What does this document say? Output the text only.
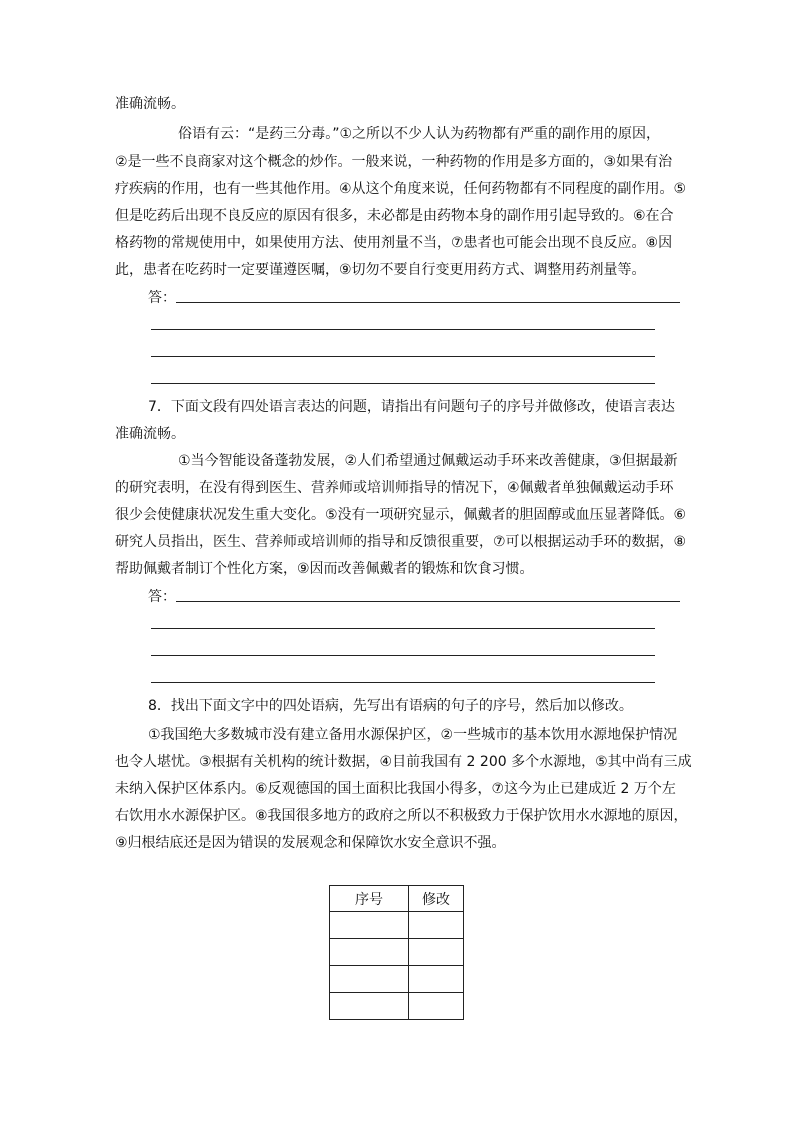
准确流畅。
俗语有云：“是药三分毒。”①之所以不少人认为药物都有严重的副作用的原因，
②是一些不良商家对这个概念的炒作。一般来说，一种药物的作用是多方面的，③如果有治
疗疾病的作用，也有一些其他作用。④从这个角度来说，任何药物都有不同程度的副作用。⑤
但是吃药后出现不良反应的原因有很多，未必都是由药物本身的副作用引起导致的。⑥在合
格药物的常规使用中，如果使用方法、使用剂量不当，⑦患者也可能会出现不良反应。⑧因
此，患者在吃药时一定要谨遵医嘱，⑨切勿不要自行变更用药方式、调整用药剂量等。
答：
7．下面文段有四处语言表达的问题，请指出有问题句子的序号并做修改，使语言表达
准确流畅。
①当今智能设备蓬勃发展，②人们希望通过佩戴运动手环来改善健康，③但据最新
的研究表明，在没有得到医生、营养师或培训师指导的情况下，④佩戴者单独佩戴运动手环
很少会使健康状况发生重大变化。⑤没有一项研究显示，佩戴者的胆固醇或血压显著降低。⑥
研究人员指出，医生、营养师或培训师的指导和反馈很重要，⑦可以根据运动手环的数据，⑧
帮助佩戴者制订个性化方案，⑨因而改善佩戴者的锻炼和饮食习惯。
答：
8．找出下面文字中的四处语病，先写出有语病的句子的序号，然后加以修改。
①我国绝大多数城市没有建立备用水源保护区，②一些城市的基本饮用水源地保护情况
也令人堪忧。③根据有关机构的统计数据，④目前我国有 2 200 多个水源地，⑤其中尚有三成
未纳入保护区体系内。⑥反观德国的国土面积比我国小得多，⑦这今为止已建成近 2 万个左
右饮用水水源保护区。⑧我国很多地方的政府之所以不积极致力于保护饮用水水源地的原因，
⑨归根结底还是因为错误的发展观念和保障饮水安全意识不强。
序号	修改
